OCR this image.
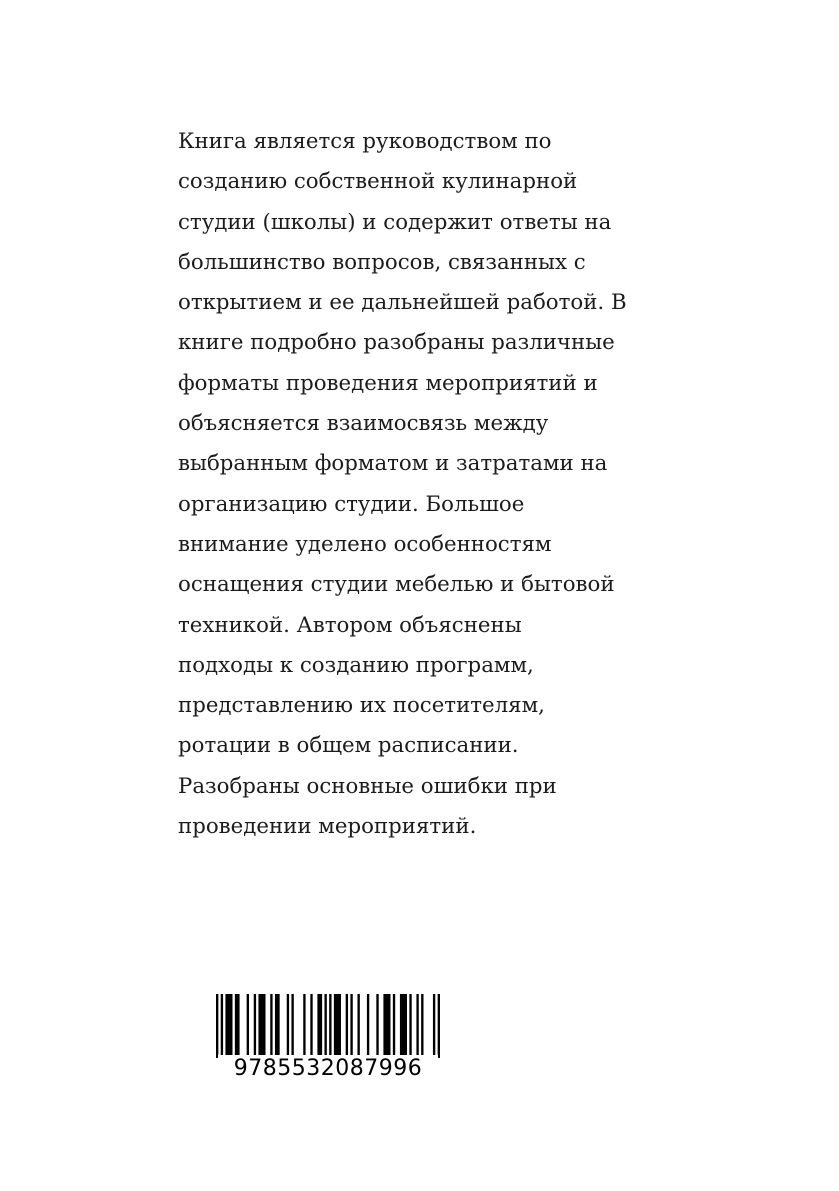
Книга является руководством по
созданию собственной кулинарной
студии (школы) и содержит ответы на
большинство вопросов, связанных с
открытием и ее дальнейшей работой. В
книге подробно разобраны различные
форматы проведения мероприятий и
объясняется взаимосвязь между
выбранным форматом и затратами на
организацию студии. Большое
внимание уделено особенностям
оснащения студии мебелью и бытовой
техникой. Автором объяснены
подходы к созданию программ,
представлению их посетителям,
ротации в общем расписании.
Разобраны основные ошибки при
проведении мероприятий.

9785532087996
